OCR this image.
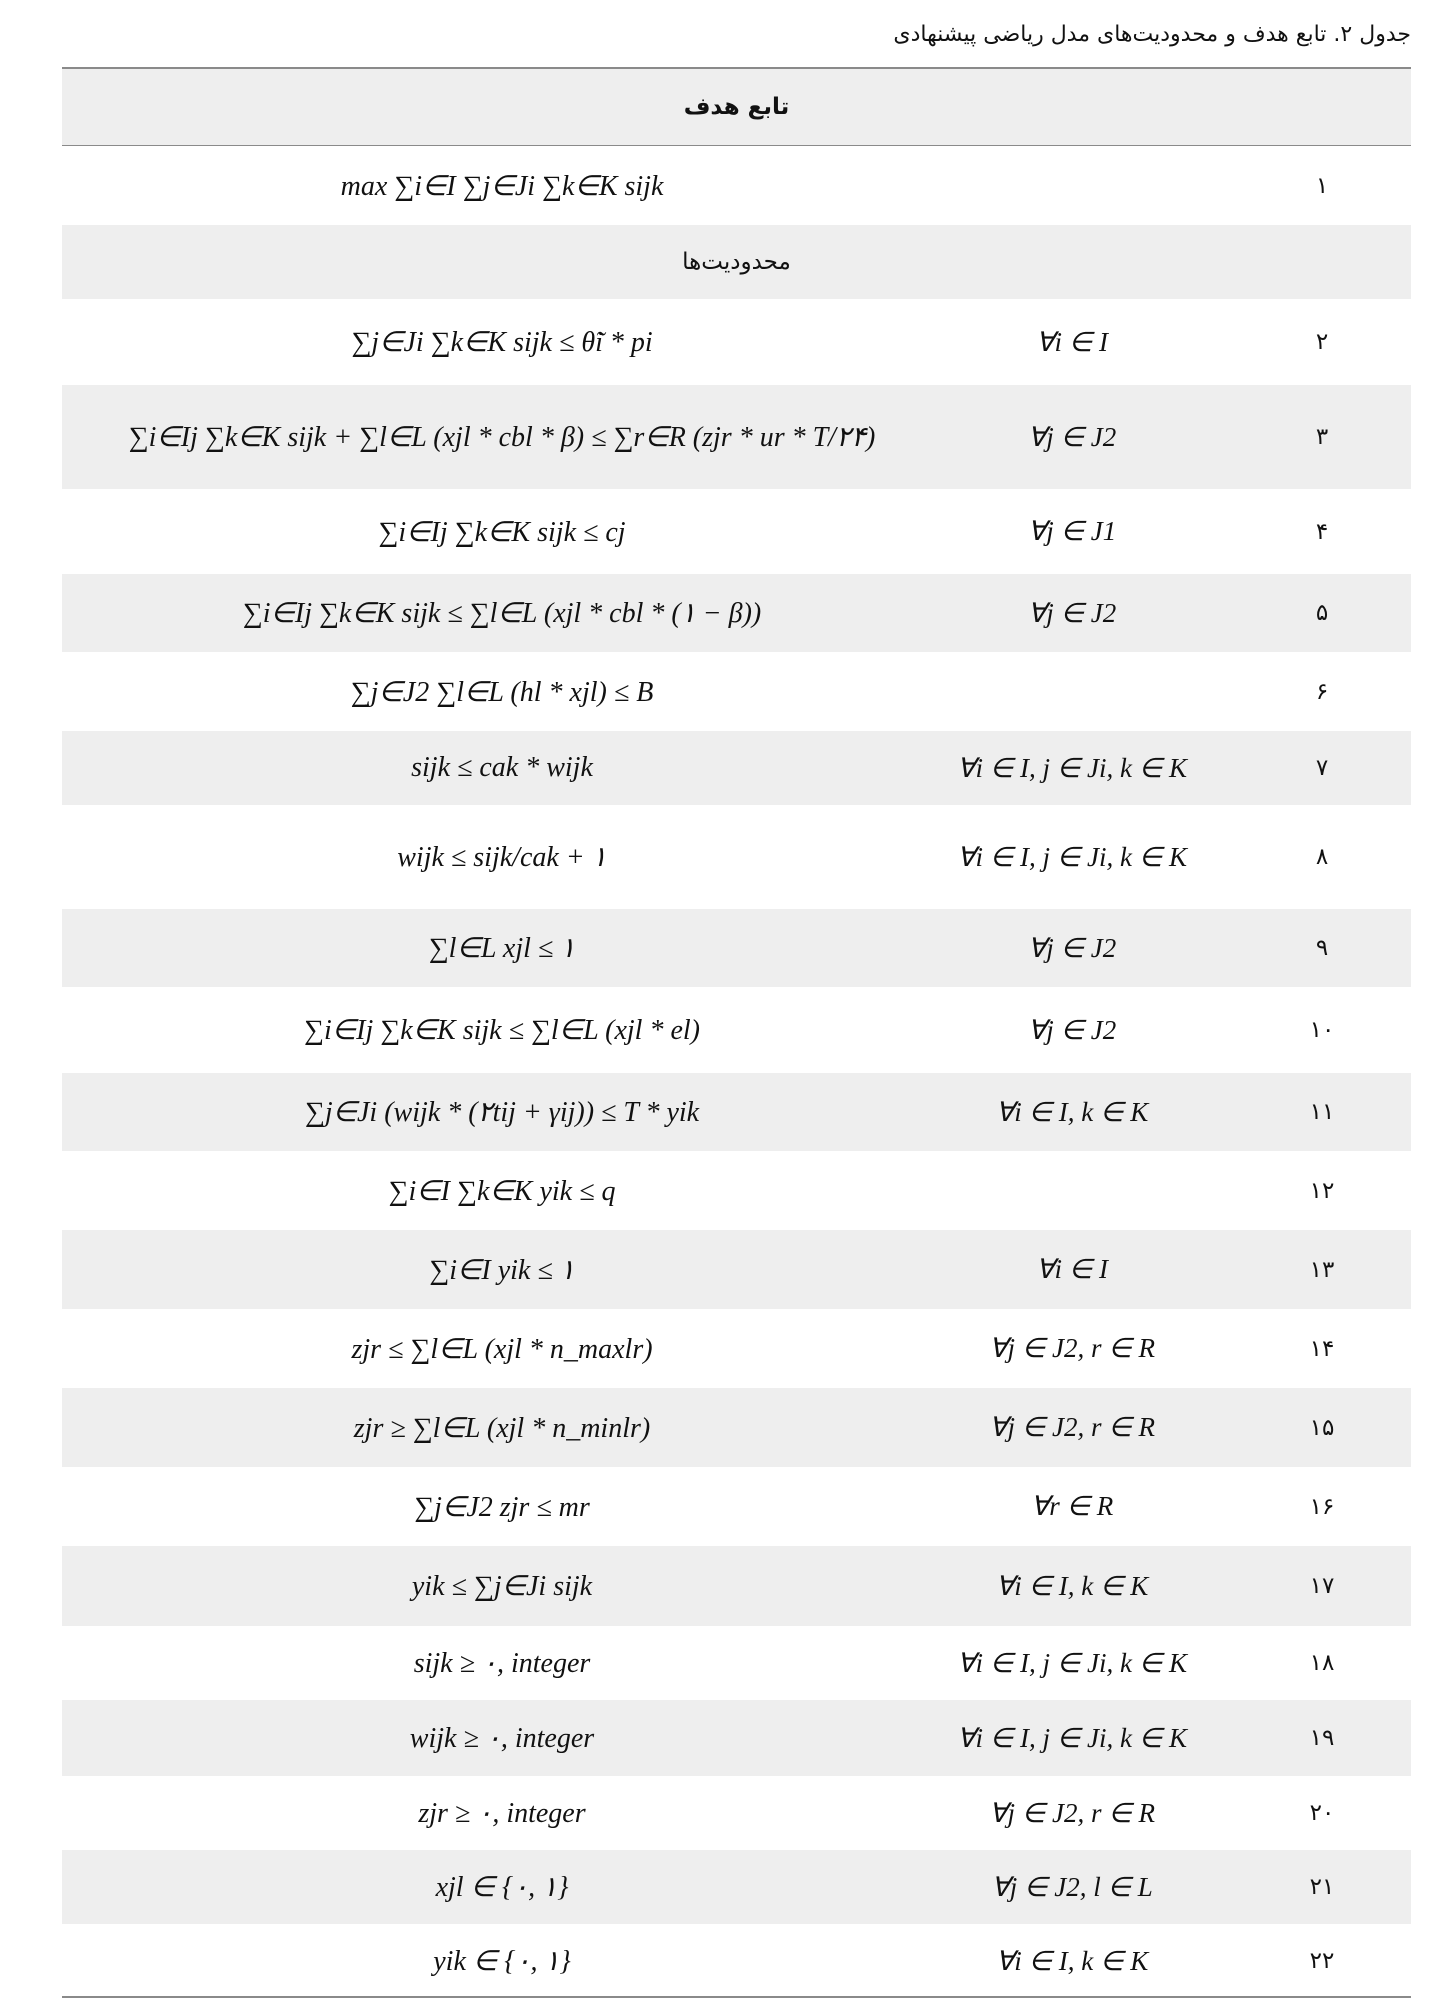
جدول ۲. تابع هدف و محدودیت‌های مدل ریاضی پیشنهادی
تابع هدف
max ∑i∈I ∑j∈Ji ∑k∈K sijk	۱
محدودیت‌ها
∑j∈Ji ∑k∈K sijk ≤ θ̃i * pi	∀i ∈ I	۲
∑i∈Ij ∑k∈K sijk + ∑l∈L (xjl * cbl * β) ≤ ∑r∈R (zjr * ur * T/۲۴)	∀j ∈ J2	۳
∑i∈Ij ∑k∈K sijk ≤ cj	∀j ∈ J1	۴
∑i∈Ij ∑k∈K sijk ≤ ∑l∈L (xjl * cbl * (۱ − β))	∀j ∈ J2	۵
∑j∈J2 ∑l∈L (hl * xjl) ≤ B	۶
sijk ≤ cak * wijk	∀i ∈ I, j ∈ Ji, k ∈ K	۷
wijk ≤ sijk/cak + ۱	∀i ∈ I, j ∈ Ji, k ∈ K	۸
∑l∈L xjl ≤ ۱	∀j ∈ J2	۹
∑i∈Ij ∑k∈K sijk ≤ ∑l∈L (xjl * el)	∀j ∈ J2	۱۰
∑j∈Ji (wijk * (۲tij + γij)) ≤ T * yik	∀i ∈ I, k ∈ K	۱۱
∑i∈I ∑k∈K yik ≤ q	۱۲
∑i∈I yik ≤ ۱	∀i ∈ I	۱۳
zjr ≤ ∑l∈L (xjl * n_maxlr)	∀j ∈ J2, r ∈ R	۱۴
zjr ≥ ∑l∈L (xjl * n_minlr)	∀j ∈ J2, r ∈ R	۱۵
∑j∈J2 zjr ≤ mr	∀r ∈ R	۱۶
yik ≤ ∑j∈Ji sijk	∀i ∈ I, k ∈ K	۱۷
sijk ≥ ۰, integer	∀i ∈ I, j ∈ Ji, k ∈ K	۱۸
wijk ≥ ۰, integer	∀i ∈ I, j ∈ Ji, k ∈ K	۱۹
zjr ≥ ۰, integer	∀j ∈ J2, r ∈ R	۲۰
xjl ∈ {۰, ۱}	∀j ∈ J2, l ∈ L	۲۱
yik ∈ {۰, ۱}	∀i ∈ I, k ∈ K	۲۲
